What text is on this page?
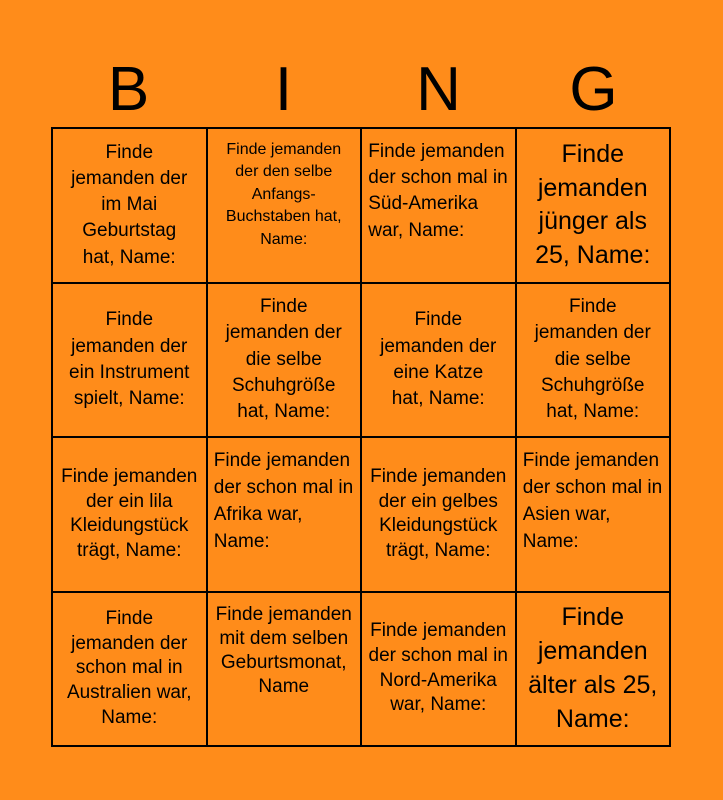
B	I	N	G
Finde jemanden der im Mai Geburtstag hat, Name:
Finde jemanden der den selbe Anfangs-Buchstaben hat, Name:
Finde jemanden der schon mal in Süd-Amerika war, Name:
Finde jemanden jünger als 25, Name:
Finde jemanden der ein Instrument spielt, Name:
Finde jemanden der die selbe Schuhgröße hat, Name:
Finde jemanden der eine Katze hat, Name:
Finde jemanden der die selbe Schuhgröße hat, Name:
Finde jemanden der ein lila Kleidungstück trägt, Name:
Finde jemanden der schon mal in Afrika war, Name:
Finde jemanden der ein gelbes Kleidungstück trägt, Name:
Finde jemanden der schon mal in Asien war, Name:
Finde jemanden der schon mal in Australien war, Name:
Finde jemanden mit dem selben Geburtsmonat, Name
Finde jemanden der schon mal in Nord-Amerika war, Name:
Finde jemanden älter als 25, Name:
